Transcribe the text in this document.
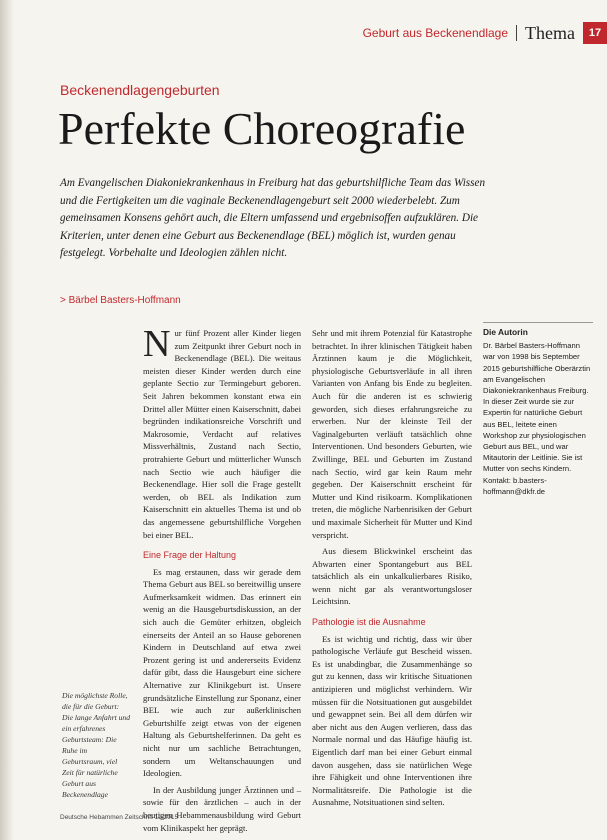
Geburt aus Beckenendlage Thema	17
Beckenendlagengeburten
Perfekte Choreografie
Am Evangelischen Diakoniekrankenhaus in Freiburg hat das geburtshilfliche Team das Wissen und die Fertigkeiten um die vaginale Beckenendlagengeburt seit 2000 wiederbelebt. Zum gemeinsamen Konsens gehört auch, die Eltern umfassend und ergebnisoffen aufzuklären. Die Kriterien, unter denen eine Geburt aus Beckenendlage (BEL) möglich ist, wurden genau festgelegt. Vorbehalte und Ideologien zählen nicht.
> Bärbel Basters-Hoffmann

Nur fünf Prozent aller Kinder liegen zum Zeitpunkt ihrer Geburt noch in Beckenendlage (BEL). Die weitaus meisten dieser Kinder werden durch eine geplante Sectio zur Termingeburt geboren. Seit Jahren bekommen konstant etwa ein Drittel aller Mütter einen Kaiserschnitt, dabei begründen indikationsreiche Vorschrift und Makrosomie, Verdacht auf relatives Missverhältnis, Zustand nach Sectio, protrahierte Geburt und mütterlicher Wunsch nach Sectio wie auch häufiger die Beckenendlage. Hier soll die Frage gestellt werden, ob BEL als Indikation zum Kaiserschnitt ein aktuelles Thema ist und ob das angemessene geburtshilfliche Vorgehen bei einer BEL.

Eine Frage der Haltung

Es mag erstaunen, dass wir gerade dem Thema Geburt aus BEL so bereitwillig unsere Aufmerksamkeit widmen. Das erinnert ein wenig an die Hausgeburtsdiskussion, an der sich auch die Gemüter erhitzen, obgleich einerseits der Anteil an so Hause geborenen Kindern in Deutschland auf etwa zwei Prozent gering ist und andererseits Evidenz dafür gibt, dass die Hausgeburt eine sichere Alternative zur Klinikgeburt ist. Unsere grundsätzliche Einstellung zur Sponanz, einer BEL wie auch zur außerklinischen Geburtshilfe zeigt etwas von der eigenen Haltung als Geburtshelferinnen. Da geht es nicht nur um sachliche Betrachtungen, sondern um Weltanschauungen und Ideologien.

In der Ausbildung junger Ärztinnen und – sowie für den ärztlichen – auch in der heutigen Hebammenausbildung wird Geburt vom Klinikaspekt her geprägt.

Sehr und mit ihrem Potenzial für Katastrophe betrachtet. In ihrer klinischen Tätigkeit haben Ärztinnen kaum je die Möglichkeit, physiologische Geburtsverläufe in all ihren Varianten von Anfang bis Ende zu begleiten. Auch für die anderen ist es schwierig geworden, sich dieses erfahrungsreiche zu erwerben. Nur der kleinste Teil der Vaginalgeburten verläuft tatsächlich ohne Interventionen. Und besonders Geburten, wie Zwillinge, BEL und Geburten im Zustand nach Sectio, wird gar kein Raum mehr gegeben. Der Kaiserschnitt erscheint für Mutter und Kind risikoarm. Komplikationen treten, die mögliche Narbenrisiken der Geburt und maximale Sicherheit für Mutter und Kind verspricht.

Aus diesem Blickwinkel erscheint das Abwarten einer Spontangeburt aus BEL tatsächlich als ein unkalkulierbares Risiko, wenn nicht gar als verantwortungsloser Leichtsinn.

Pathologie ist die Ausnahme

Es ist wichtig und richtig, dass wir über pathologische Verläufe gut Bescheid wissen. Es ist unabdingbar, die Zusammenhänge so gut zu kennen, dass wir kritische Situationen antizipieren und möglichst verhindern. Wir müssen für die Notsituationen gut ausgebildet und gewappnet sein. Bei all dem dürfen wir aber nicht aus den Augen verlieren, dass das Normale normal und das Häufige häufig ist. Eigentlich darf man bei einer Geburt einmal davon ausgehen, dass sie natürlichen Wege ihre Fähigkeit und ohne Interventionen ihre Normalitätsreife. Die Pathologie ist die Ausnahme, Notsituationen sind selten.

Die Autorin
Dr. Bärbel Basters-Hoffmann war von 1998 bis September 2015 geburtshilfliche Oberärztin am Evangelischen Diakoniekrankenhaus Freiburg. In dieser Zeit wurde sie zur Expertin für natürliche Geburt aus BEL, leitete einen Workshop zur physiologischen Geburt aus BEL, und war Mitautorin der Leitlinie. Sie ist Mutter von sechs Kindern.
Kontakt: b.basters-hoffmann@dkfr.de
Die möglichste Rolle, die für die Geburt: Die lange Anfahrt und ein erfahrenes Geburtsteam: Die Ruhe im Geburtsraum, viel Zeit für natürliche Geburt aus Beckenendlage
Deutsche Hebammen Zeitschrift 12/2015
